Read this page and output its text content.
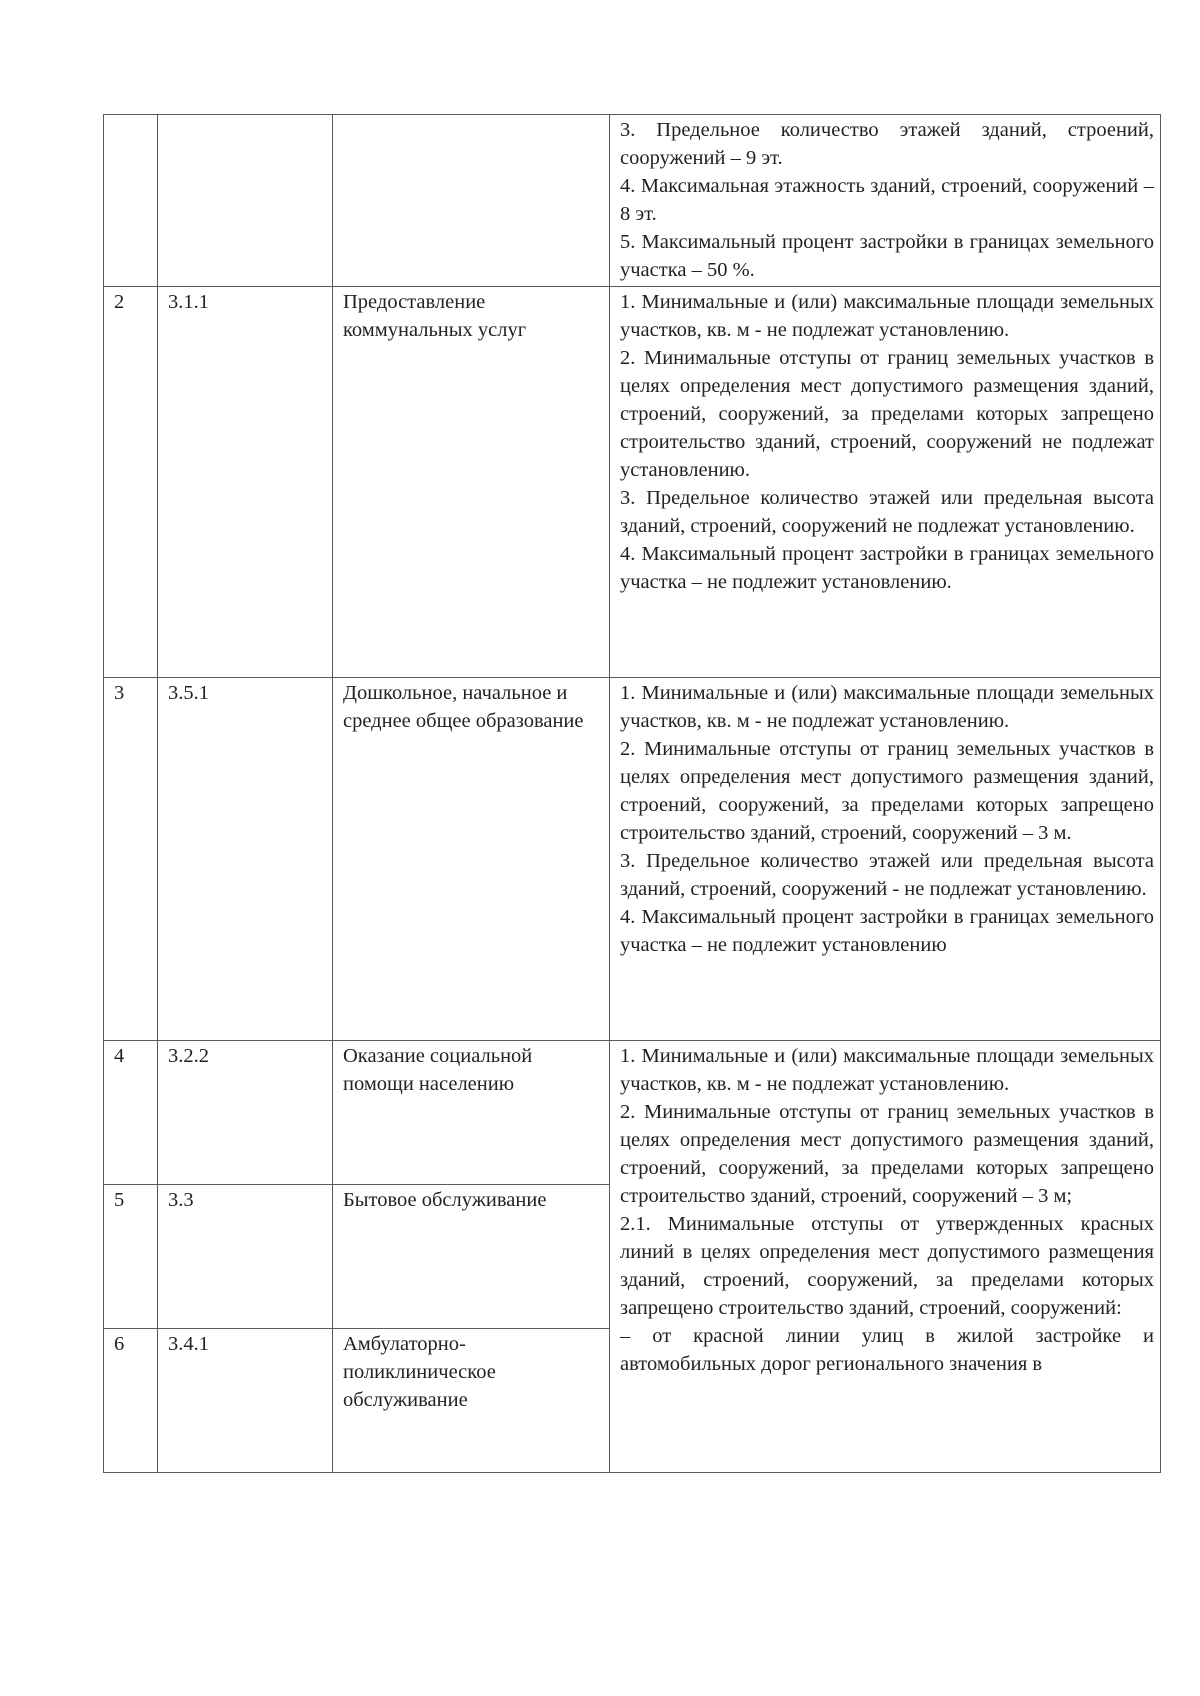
			3. Предельное количество этажей зданий, строений, сооружений – 9 эт.
4. Максимальная этажность зданий, строений, сооружений – 8 эт.
5. Максимальный процент застройки в границах земельного участка – 50 %.

2	3.1.1	Предоставление коммунальных услуг	1. Минимальные и (или) максимальные площади земельных участков, кв. м - не подлежат установлению.
2. Минимальные отступы от границ земельных участков в целях определения мест допустимого размещения зданий, строений, сооружений, за пределами которых запрещено строительство зданий, строений, сооружений не подлежат установлению.
3. Предельное количество этажей или предельная высота зданий, строений, сооружений не подлежат установлению.
4. Максимальный процент застройки в границах земельного участка – не подлежит установлению.

3	3.5.1	Дошкольное, начальное и среднее общее образование	1. Минимальные и (или) максимальные площади земельных участков, кв. м - не подлежат установлению.
2. Минимальные отступы от границ земельных участков в целях определения мест допустимого размещения зданий, строений, сооружений, за пределами которых запрещено строительство зданий, строений, сооружений – 3 м.
3. Предельное количество этажей или предельная высота зданий, строений, сооружений - не подлежат установлению.
4. Максимальный процент застройки в границах земельного участка – не подлежит установлению

4	3.2.2	Оказание социальной помощи населению	1. Минимальные и (или) максимальные площади земельных участков, кв. м - не подлежат установлению.
2. Минимальные отступы от границ земельных участков в целях определения мест допустимого размещения зданий, строений, сооружений, за пределами которых запрещено строительство зданий, строений, сооружений – 3 м;
2.1. Минимальные отступы от утвержденных красных линий в целях определения мест допустимого размещения зданий, строений, сооружений, за пределами которых запрещено строительство зданий, строений, сооружений:
– от красной линии улиц в жилой застройке и автомобильных дорог регионального значения в

5	3.3	Бытовое обслуживание	
6	3.4.1	Амбулаторно-поликлиническое обслуживание	
